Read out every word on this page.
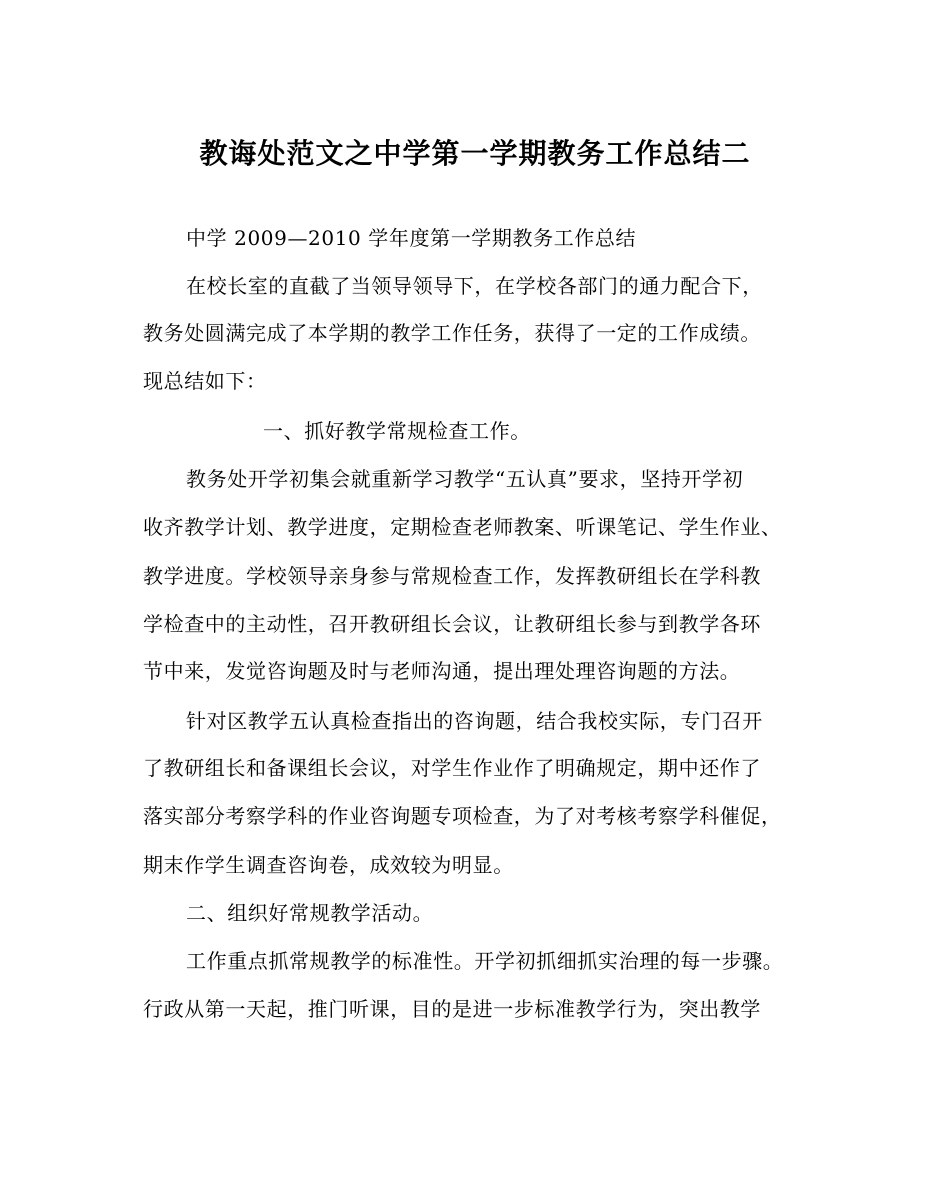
教诲处范文之中学第一学期教务工作总结二
中学 2009—2010 学年度第一学期教务工作总结
在校长室的直截了当领导领导下，在学校各部门的通力配合下，
教务处圆满完成了本学期的教学工作任务，获得了一定的工作成绩。
现总结如下：
一、抓好教学常规检查工作。
教务处开学初集会就重新学习教学“五认真”要求，坚持开学初
收齐教学计划、教学进度，定期检查老师教案、听课笔记、学生作业、
教学进度。学校领导亲身参与常规检查工作，发挥教研组长在学科教
学检查中的主动性，召开教研组长会议，让教研组长参与到教学各环
节中来，发觉咨询题及时与老师沟通，提出理处理咨询题的方法。
针对区教学五认真检查指出的咨询题，结合我校实际，专门召开
了教研组长和备课组长会议，对学生作业作了明确规定，期中还作了
落实部分考察学科的作业咨询题专项检查，为了对考核考察学科催促，
期末作学生调查咨询卷，成效较为明显。
二、组织好常规教学活动。
工作重点抓常规教学的标准性。开学初抓细抓实治理的每一步骤。
行政从第一天起，推门听课，目的是进一步标准教学行为，突出教学
